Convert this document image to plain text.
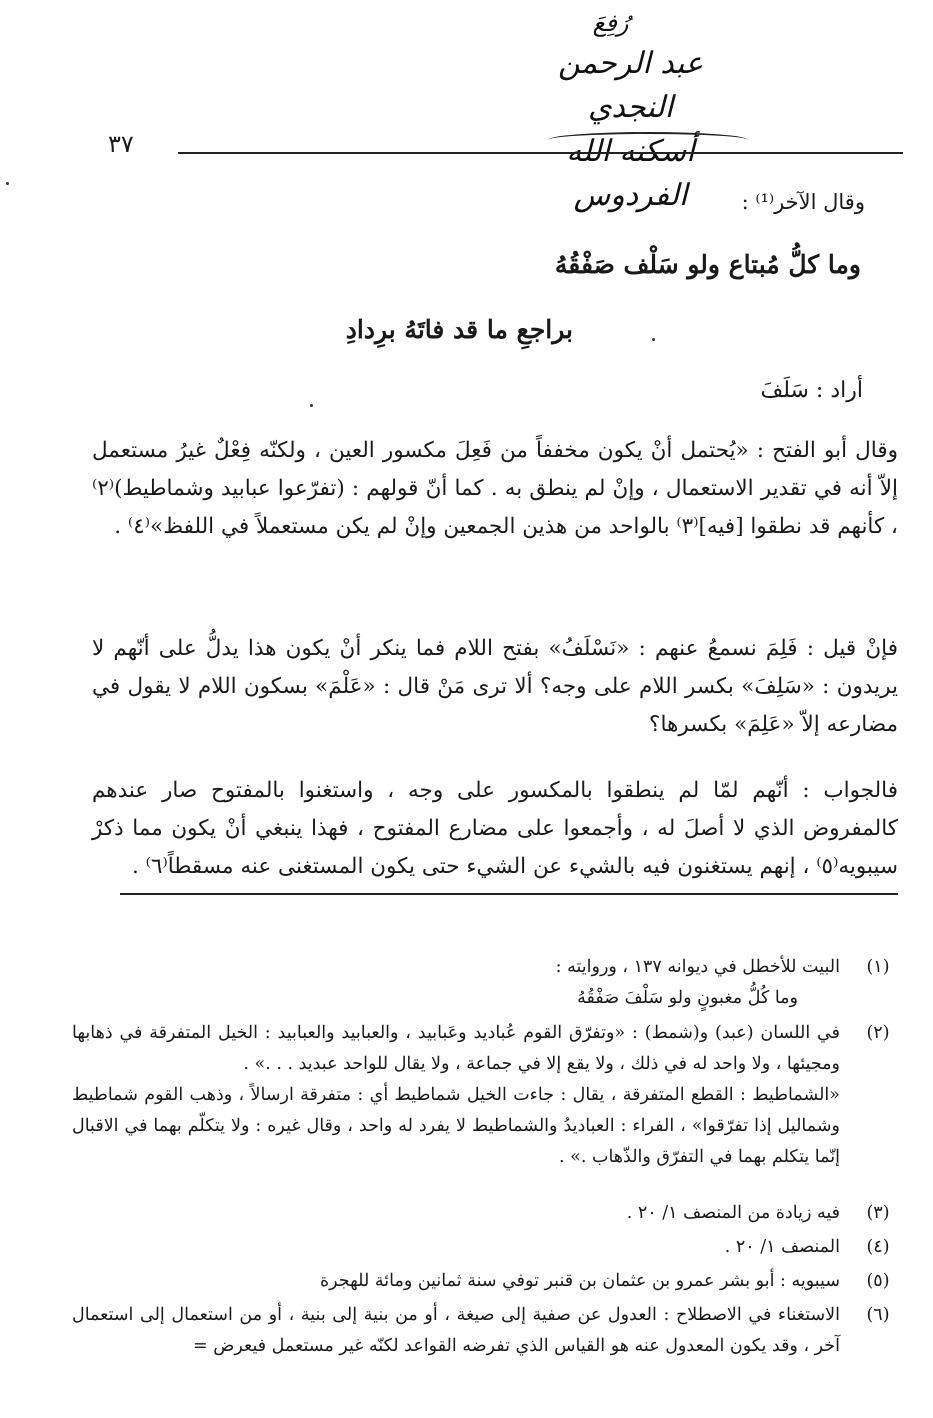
رُفِعَ
عبد الرحمن النجدي
أسكنه الله الفردوس
٣٧
وقال الآخر⁽¹⁾ :
وما كلُّ مُبتاع ولو سَلْف صَفْقُهُ
براجعِ ما قد فاتَهُ برِدادِ
أراد : سَلَفَ
وقال أبو الفتح : «يُحتمل أنْ يكون مخففاً من فَعِلَ مكسور العين ، ولكنّه فِعْلٌ غيرُ مستعمل إلاّ أنه في تقدير الاستعمال ، وإنْ لم ينطق به . كما أنّ قولهم : (تفرّعوا عبابيد وشماطيط)⁽٢⁾ ، كأنهم قد نطقوا [فيه]⁽٣⁾ بالواحد من هذين الجمعين وإنْ لم يكن مستعملاً في اللفظ»⁽٤⁾ .
فإنْ قيل : فَلِمَ نسمعُ عنهم : «نَسْلَفُ» بفتح اللام فما ينكر أنْ يكون هذا يدلُّ على أنّهم لا يريدون : «سَلِفَ» بكسر اللام على وجه؟ ألا ترى مَنْ قال : «عَلْمَ» بسكون اللام لا يقول في مضارعه إلاّ «عَلِمَ» بكسرها؟
فالجواب : أنّهم لمّا لم ينطقوا بالمكسور على وجه ، واستغنوا بالمفتوح صار عندهم كالمفروض الذي لا أصلَ له ، وأجمعوا على مضارع المفتوح ، فهذا ينبغي أنْ يكون مما ذكرْ سيبويه⁽٥⁾ ، إنهم يستغنون فيه بالشيء عن الشيء حتى يكون المستغنى عنه مسقطاً⁽٦⁾ .
(١)
البيت للأخطل في ديوانه ١٣٧ ، وروايته :
وما كُلُّ مغبونٍ ولو سَلْفَ صَفْقُهُ
(٢)
في اللسان (عبد) و(شمط) : «وتفرّق القوم عُباديد وعَبابيد ، والعبابيد والعبابيد : الخيل المتفرقة في ذهابها ومجيئها ، ولا واحد له في ذلك ، ولا يقع إلا في جماعة ، ولا يقال للواحد عبديد . . .» .
«الشماطيط : القطع المتفرقة ، يقال : جاءت الخيل شماطيط أي : متفرقة ارسالاً ، وذهب القوم شماطيط وشماليل إذا تفرّقوا» ، الفراء : العباديدُ والشماطيط لا يفرد له واحد ، وقال غيره : ولا يتكلّم بهما في الاقبال إنّما يتكلم بهما في التفرّق والذّهاب .» .
(٣)
فيه زيادة من المنصف ١/ ٢٠ .
(٤)
المنصف ١/ ٢٠ .
(٥)
سيبويه : أبو بشر عمرو بن عثمان بن قنبر توفي سنة ثمانين ومائة للهجرة
(٦)
الاستغناء في الاصطلاح : العدول عن صفية إلى صيغة ، أو من بنية إلى بنية ، أو من استعمال إلى استعمال آخر ، وقد يكون المعدول عنه هو القياس الذي تفرضه القواعد لكنّه غير مستعمل فيعرض =
